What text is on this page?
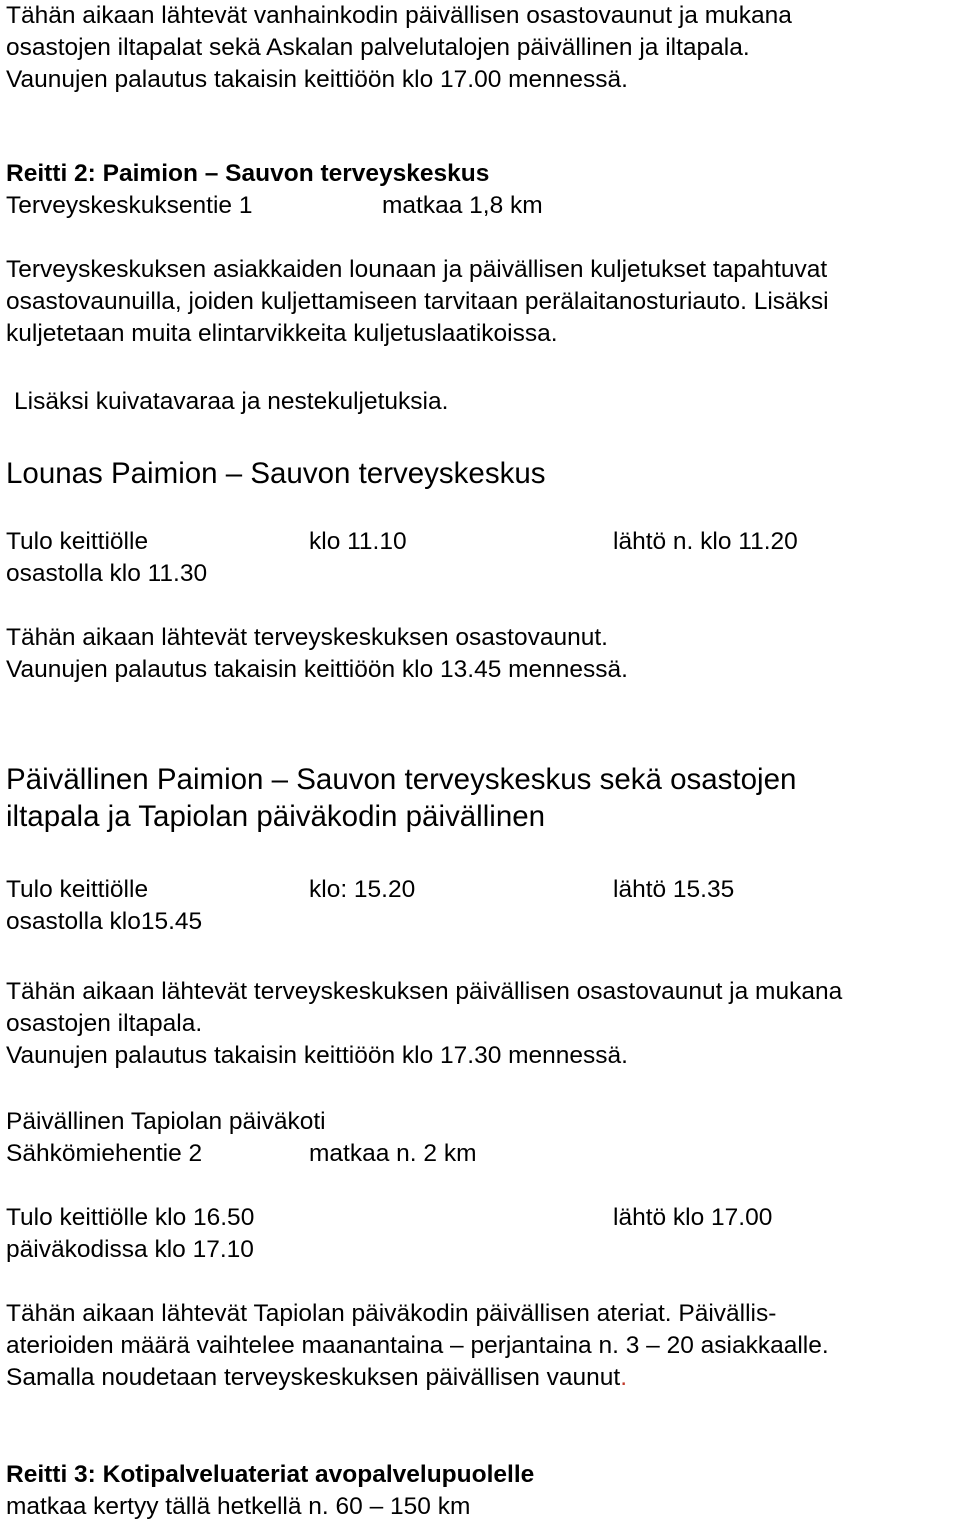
Tähän aikaan lähtevät vanhainkodin päivällisen osastovaunut ja mukana
osastojen iltapalat sekä Askalan palvelutalojen päivällinen ja iltapala.
Vaunujen palautus takaisin keittiöön klo 17.00 mennessä.
Reitti 2: Paimion – Sauvon terveyskeskus
Terveyskeskuksentie 1	matkaa 1,8 km
Terveyskeskuksen asiakkaiden lounaan ja päivällisen kuljetukset tapahtuvat
osastovaunuilla, joiden kuljettamiseen tarvitaan perälaitanosturiauto. Lisäksi
kuljetetaan muita elintarvikkeita kuljetuslaatikoissa.
Lisäksi kuivatavaraa ja nestekuljetuksia.
Lounas Paimion – Sauvon terveyskeskus
Tulo keittiölle	klo 11.10	lähtö n. klo 11.20
osastolla klo 11.30
Tähän aikaan lähtevät terveyskeskuksen osastovaunut.
Vaunujen palautus takaisin keittiöön klo 13.45 mennessä.
Päivällinen Paimion – Sauvon terveyskeskus sekä osastojen
iltapala ja Tapiolan päiväkodin päivällinen
Tulo keittiölle	klo: 15.20	lähtö 15.35
osastolla klo15.45
Tähän aikaan lähtevät terveyskeskuksen päivällisen osastovaunut ja mukana
osastojen iltapala.
Vaunujen palautus takaisin keittiöön klo 17.30 mennessä.
Päivällinen Tapiolan päiväkoti
Sähkömiehentie 2	matkaa n. 2 km
Tulo keittiölle klo 16.50	lähtö klo 17.00
päiväkodissa klo 17.10
Tähän aikaan lähtevät Tapiolan päiväkodin päivällisen ateriat. Päivällis-
aterioiden määrä vaihtelee maanantaina – perjantaina n. 3 – 20 asiakkaalle.
Samalla noudetaan terveyskeskuksen päivällisen vaunut.
Reitti 3: Kotipalveluateriat avopalvelupuolelle
matkaa kertyy tällä hetkellä n. 60 – 150 km
